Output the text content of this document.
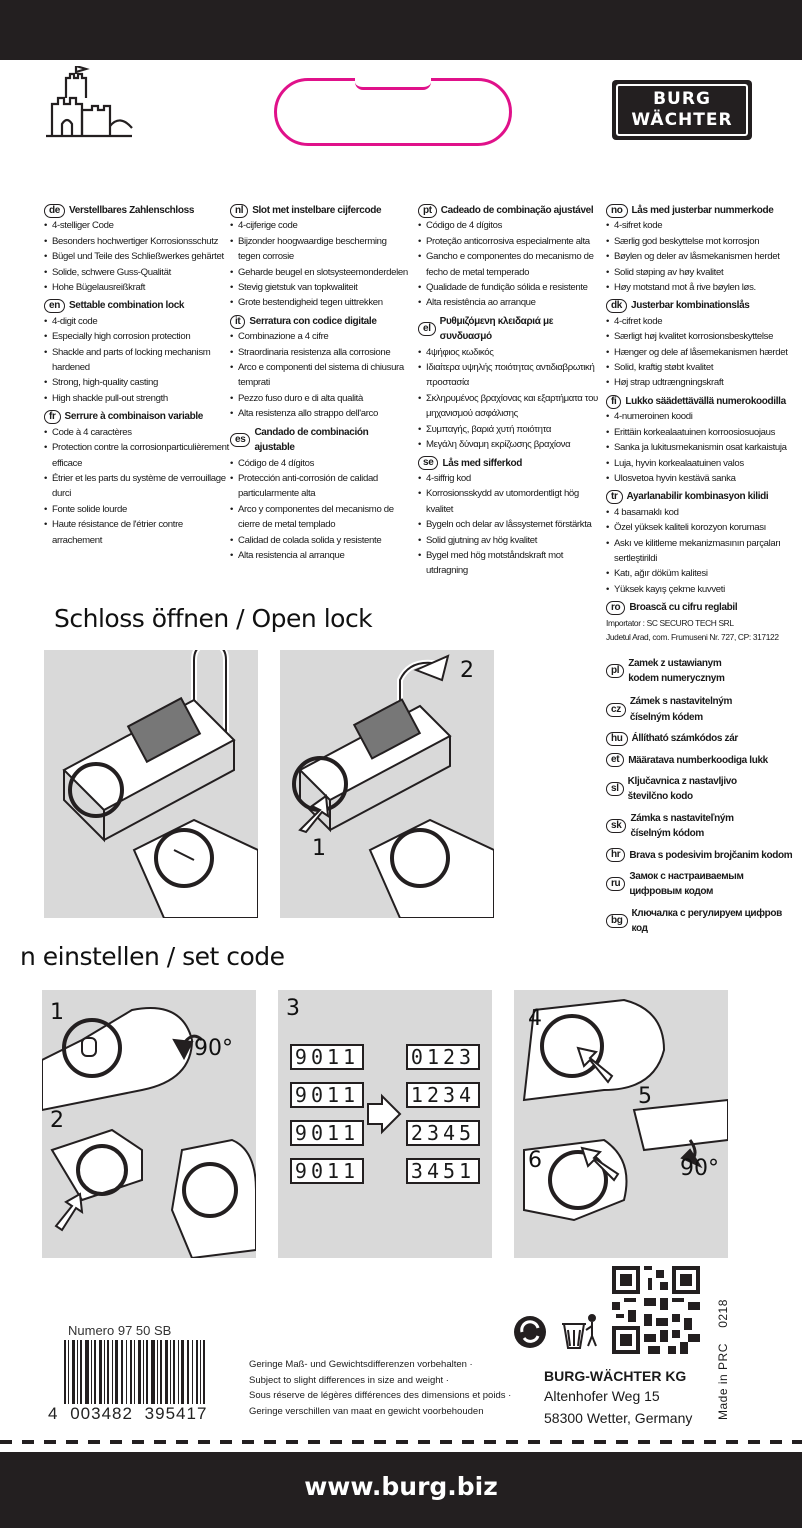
BURG
WÄCHTER
de Verstellbares Zahlenschloss
• 4-stelliger Code
• Besonders hochwertiger Korrosionsschutz
• Bügel und Teile des Schließwerkes gehärtet
• Solide, schwere Guss-Qualität
• Hohe Bügelausreißkraft
en Settable combination lock
• 4-digit code
• Especially high corrosion protection
• Shackle and parts of locking mechanism hardened
• Strong, high-quality casting
• High shackle pull-out strength
fr Serrure à combinaison variable
• Code à 4 caractères
• Protection contre la corrosionparticulièrement efficace
• Étrier et les parts du système de verrouillage durci
• Fonte solide lourde
• Haute résistance de l'étrier contre arrachement
nl Slot met instelbare cijfercode
• 4-cijferige code
• Bijzonder hoogwaardige bescherming tegen corrosie
• Geharde beugel en slotsysteemonderdelen
• Stevig gietstuk van topkwaliteit
• Grote bestendigheid tegen uittrekken
it Serratura con codice digitale
• Combinazione a 4 cifre
• Straordinaria resistenza alla corrosione
• Arco e componenti del sistema di chiusura temprati
• Pezzo fuso duro e di alta qualità
• Alta resistenza allo strappo dell'arco
es
Candado de combinación ajustable
• Código de 4 dígitos
• Protección anti-corrosión de calidad particularmente alta
• Arco y componentes del mecanismo de cierre de metal templado
• Calidad de colada solida y resistente
• Alta resistencia al arranque
pt Cadeado de combinação ajustável
• Código de 4 dígitos
• Proteção anticorrosiva especialmente alta
• Gancho e componentes do mecanismo de fecho de metal temperado
• Qualidade de fundição sólida e resistente
• Alta resistência ao arranque
el
Ρυθμιζόμενη κλειδαριά με συνδυασμό
• 4ψήφιος κωδικός
• Ιδιαίτερα υψηλής ποιότητας αντιδιαβρωτική προστασία
• Σκληρυμένος βραχίονας και εξαρτήματα του μηχανισμού ασφάλισης
• Συμπαγής, βαριά χυτή ποιότητα
• Μεγάλη δύναμη εκρίζωσης βραχίονα
se Lås med sifferkod
• 4-siffrig kod
• Korrosionsskydd av utomordentligt hög kvalitet
• Bygeln och delar av låssystemet förstärkta
• Solid gjutning av hög kvalitet
• Bygel med hög motståndskraft mot utdragning
no Lås med justerbar nummerkode
• 4-sifret kode
• Særlig god beskyttelse mot korrosjon
• Bøylen og deler av låsmekanismen herdet
• Solid støping av høy kvalitet
• Høy motstand mot å rive bøylen løs.
dk Justerbar kombinationslås
• 4-cifret kode
• Særligt høj kvalitet korrosionsbeskyttelse
• Hænger og dele af låsemekanismen hærdet
• Solid, kraftig støbt kvalitet
• Høj strap udtrængningskraft
fi Lukko säädettävällä numerokoodilla
• 4-numeroinen koodi
• Erittäin korkealaatuinen korroosiosuojaus
• Sanka ja lukitusmekanismin osat karkaistuja
• Luja, hyvin korkealaatuinen valos
• Ulosvetoa hyvin kestävä sanka
tr Ayarlanabilir kombinasyon kilidi
• 4 basamaklı kod
• Özel yüksek kaliteli korozyon koruması
• Askı ve kilitleme mekanizmasının parçaları sertleştirildi
• Katı, ağır döküm kalitesi
• Yüksek kayış çekme kuvveti
ro Broască cu cifru reglabil
Importator : SC SECURO TECH SRL
Judetul Arad, com. Frumuseni Nr. 727, CP: 317122
pl
Zamek z ustawianym kodem numerycznym
cz
Zámek s nastavitelným číselným kódem
hu Állítható számkódos zár
et Määratava numberkoodiga lukk
sl
Ključavnica z nastavljivo številčno kodo
sk
Zámka s nastaviteľným číselným kódom
hr Brava s podesivim brojčanim kodom
ru
Замок с настраиваемым цифровым кодом
bg
Ключалка с регулируем цифров код
Schloss öffnen / Open lock
2
1
n einstellen / set code
1
90°
2
3
9011
9011
9011
9011
0123
1234
2345
3451
4
5
6	90°
Numero 97 50 SB
4 003482 395417
Geringe Maß- und Gewichtsdifferenzen vorbehalten ·
Subject to slight differences in size and weight ·
Sous réserve de légères différences des dimensions et poids ·
Geringe verschillen van maat en gewicht voorbehouden
BURG-WÄCHTER KG
Altenhofer Weg 15
58300 Wetter, Germany Made in PRC    0218
www.burg.biz
